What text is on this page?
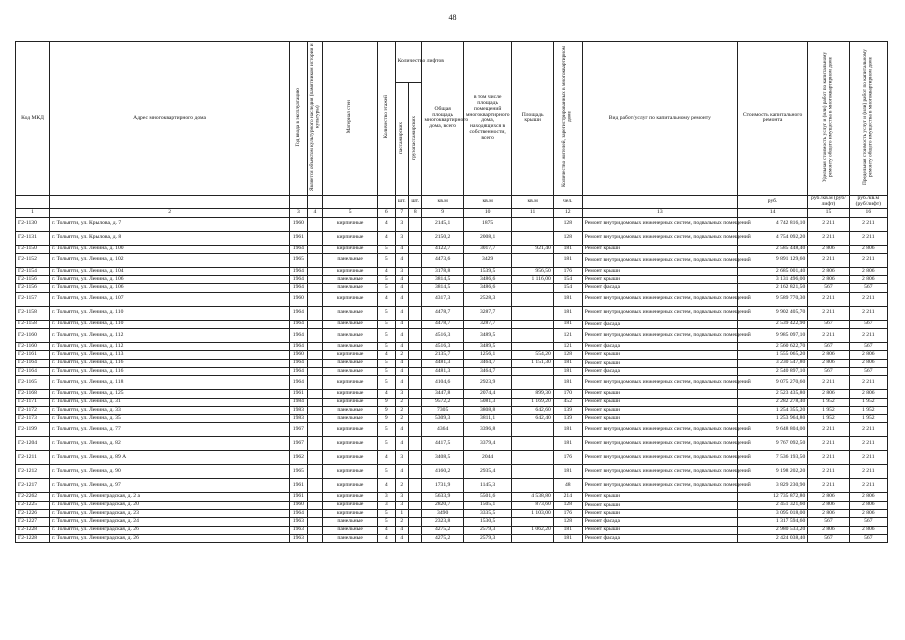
48
Код МКД	Адрес многоквартирного дома	Год ввода в эксплуатацию	Является объектом культурного наследия (памятником истории и культуры)	Материал стен	Количество этажей	Количество лифтов		Общая площадь многоквартирного дома, всего	в том числе площадь помещений многоквартирного дома, находящихся в собственности, всего	Площадь крыши	Количество жителей, зарегистрированных в многоквартирном доме	Вид работ/услуг по капитальному ремонту	Стоимость капитального ремонта	Удельная стоимость услуг и (или) работ по капитальному ремонту общего имущества в многоквартирном доме	Предельная стоимость услуг и (или) работ по капитальному ремонту общего имущества в многоквартирном доме
						пассажирских	грузопассажирских								
						шт.	шт.	кв.м	кв.м	кв.м	чел.		руб.	руб./кв.м (руб/лифт)	руб./кв.м (руб/лифт)
1	2	3	4	5	6	7	8	9	10	11	12	13	14	15	16
Г2-1130	г. Тольятти, ул. Крылова, д. 7	1960		кирпичные	4	3		2145,1	1875		128	Ремонт внутридомовых инженерных систем, подвальных помещений	4 742 816,10	2 211	2 211
Г2-1131	г. Тольятти, ул. Крылова, д. 8	1961		кирпичные	4	3		2150,2	2008,1		128	Ремонт внутридомовых инженерных систем, подвальных помещений	4 754 092,20	2 211	2 211
Г2-1150	г. Тольятти, ул. Ленина, д. 100	1964		кирпичные	5	4		4122,7	3017,7	921,40	181	Ремонт крыши	2 585 448,40	2 806	2 806
Г2-1152	г. Тольятти, ул. Ленина, д. 102	1965		панельные	5	4		4473,6	3429		181	Ремонт внутридомовых инженерных систем, подвальных помещений	9 891 129,60	2 211	2 211
Г2-1154	г. Тольятти, ул. Ленина, д. 104	1964		кирпичные	4	3		3178,8	1539,5	956,50	176	Ремонт крыши	2 685 001,40	2 806	2 806
Г2-1156	г. Тольятти, ул. Ленина, д. 106	1964		панельные	5	4		3814,5	3486,6	1 116,00	154	Ремонт крыши	3 131 496,00	2 806	2 806
Г2-1156	г. Тольятти, ул. Ленина, д. 106	1964		панельные	5	4		3814,5	3486,6		154	Ремонт фасада	2 162 821,50	567	567
Г2-1157	г. Тольятти, ул. Ленина, д. 107	1960		кирпичные	4	4		4317,3	2528,3		181	Ремонт внутридомовых инженерных систем, подвальных помещений	9 589 770,30	2 211	2 211
Г2-1158	г. Тольятти, ул. Ленина, д. 110	1964		панельные	5	4		4478,7	3287,7		181	Ремонт внутридомовых инженерных систем, подвальных помещений	9 902 405,70	2 211	2 211
Г2-1158	г. Тольятти, ул. Ленина, д. 110	1964		панельные	5	4		4478,7	3287,7		181	Ремонт фасада	2 539 422,90	567	567
Г2-1160	г. Тольятти, ул. Ленина, д. 112	1964		панельные	5	4		4516,3	3489,5		121	Ремонт внутридомовых инженерных систем, подвальных помещений	9 985 097,10	2 211	2 211
Г2-1160	г. Тольятти, ул. Ленина, д. 112	1964		панельные	5	4		4516,3	3489,5		121	Ремонт фасада	2 560 622,70	567	567
Г2-1161	г. Тольятти, ул. Ленина, д. 113	1960		кирпичные	4	2		2135,7	1256,1	554,20	128	Ремонт крыши	1 555 065,20	2 806	2 806
Г2-1164	г. Тольятти, ул. Ленина, д. 116	1964		панельные	5	4		4481,3	3464,7	1 151,30	181	Ремонт крыши	3 230 547,80	2 806	2 806
Г2-1164	г. Тольятти, ул. Ленина, д. 116	1964		панельные	5	4		4481,3	3464,7		181	Ремонт фасада	2 540 897,10	567	567
Г2-1165	г. Тольятти, ул. Ленина, д. 118	1964		кирпичные	5	4		4104,6	2923,9		181	Ремонт внутридомовых инженерных систем, подвальных помещений	9 075 270,60	2 211	2 211
Г2-1168	г. Тольятти, ул. Ленина, д. 125	1961		кирпичные	4	3		3447,8	2074,4	899,30	170	Ремонт крыши	2 523 435,80	2 806	2 806
Г2-1171	г. Тольятти, ул. Ленина, д. 31	1984		кирпичные	9	2		9572,2	5081,3	1 169,20	452	Ремонт крыши	2 282 278,40	1 952	1 952
Г2-1172	г. Тольятти, ул. Ленина, д. 33	1983		панельные	9	2		7305	3808,8	642,60	139	Ремонт крыши	1 254 355,20	1 952	1 952
Г2-1173	г. Тольятти, ул. Ленина, д. 35	1983		панельные	9	2		5309,3	3811,1	642,40	139	Ремонт крыши	1 253 964,80	1 952	1 952
Г2-1199	г. Тольятти, ул. Ленина, д. 77	1967		кирпичные	5	4		4364	3396,8		181	Ремонт внутридомовых инженерных систем, подвальных помещений	9 648 804,00	2 211	2 211
Г2-1204	г. Тольятти, ул. Ленина, д. 82	1967		кирпичные	5	4		4417,5	3379,4		181	Ремонт внутридомовых инженерных систем, подвальных помещений	9 767 092,50	2 211	2 211
Г2-1211	г. Тольятти, ул. Ленина, д. 89 А	1962		кирпичные	4	3		3408,5	2044		176	Ремонт внутридомовых инженерных систем, подвальных помещений	7 536 193,50	2 211	2 211
Г2-1212	г. Тольятти, ул. Ленина, д. 90	1965		кирпичные	5	4		4160,2	2935,4		181	Ремонт внутридомовых инженерных систем, подвальных помещений	9 198 202,20	2 211	2 211
Г2-1217	г. Тольятти, ул. Ленина, д. 97	1961		кирпичные	4	2		1731,9	1145,3		48	Ремонт внутридомовых инженерных систем, подвальных помещений	3 829 230,90	2 211	2 211
Г2-2262	г. Тольятти, ул. Ленинградская, д. 2 а	1961		кирпичные	3	3		5633,9	5501,6	4 538,80	214	Ремонт крыши	12 735 872,80	2 806	2 806
Г2-1225	г. Тольятти, ул. Ленинградская, д. 20	1960		кирпичные	3	3		2820,7	1505,1	873,60	128	Ремонт крыши	2 451 321,60	2 806	2 806
Г2-1226	г. Тольятти, ул. Ленинградская, д. 23	1964		кирпичные	5	1		3490	3335,5	1 103,00	176	Ремонт крыши	3 095 018,00	2 806	2 806
Г2-1227	г. Тольятти, ул. Ленинградская, д. 24	1963		панельные	5	2		2323,8	1530,5		128	Ремонт фасада	1 317 594,60	567	567
Г2-1228	г. Тольятти, ул. Ленинградская, д. 26	1963		панельные	4	4		4275,2	2579,3	1 062,20	181	Ремонт крыши	2 980 533,20	2 806	2 806
Г2-1228	г. Тольятти, ул. Ленинградская, д. 26	1963		панельные	4	4		4275,2	2579,3		181	Ремонт фасада	2 424 038,40	567	567
